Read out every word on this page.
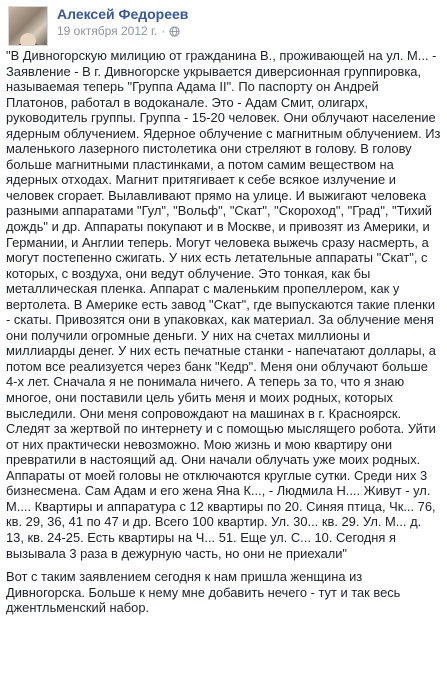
Алексей Федореев
19 октября 2012 г. ·

"В Дивногорскую милицию от гражданина В., проживающей на ул. М... - Заявление - В г. Дивногорске укрывается диверсионная группировка, называемая теперь "Группа Адама II". По паспорту он Андрей Платонов, работал в водоканале. Это - Адам Смит, олигарх, руководитель группы. Группа - 15-20 человек. Они облучают население ядерным облучением. Ядерное облучение с магнитным облучением. Из маленького лазерного пистолетика они стреляют в голову. В голову больше магнитными пластинками, а потом самим веществом на ядерных отходах. Магнит притягивает к себе всякое излучение и человек сгорает. Вылавливают прямо на улице. И выжигают человека разными аппаратами "Гул", "Вольф", "Скат", "Скороход", "Град", "Тихий дождь" и др. Аппараты покупают и в Москве, и привозят из Америки, и Германии, и Англии теперь. Могут человека выжечь сразу насмерть, а могут постепенно сжигать. У них есть летательные аппараты "Скат", с которых, с воздуха, они ведут облучение. Это тонкая, как бы металлическая пленка. Аппарат с маленьким пропеллером, как у вертолета. В Америке есть завод "Скат", где выпускаются такие пленки - скаты. Привозятся они в упаковках, как материал. За облучение меня они получили огромные деньги. У них на счетах миллионы и миллиарды денег. У них есть печатные станки - напечатают доллары, а потом все реализуется через банк "Кедр". Меня они облучают больше 4-х лет. Сначала я не понимала ничего. А теперь за то, что я знаю многое, они поставили цель убить меня и моих родных, которых выследили. Они меня сопровождают на машинах в г. Красноярск. Следят за жертвой по интернету и с помощью мыслящего робота. Уйти от них практически невозможно. Мою жизнь и мою квартиру они превратили в настоящий ад. Они начали облучать уже моих родных. Аппараты от моей головы не отключаются круглые сутки. Среди них 3 бизнесмена. Сам Адам и его жена Яна К..., - Людмила Н.... Живут - ул. М.... Квартиры и аппаратура с 12 квартиры по 20. Синяя птица, Чк... 76, кв. 29, 36, 41 по 47 и др. Всего 100 квартир. Ул. 30... кв. 29. Ул. М... д. 13, кв. 24-25. Есть квартиры на Ч... 51. Еще ул. С... 10. Сегодня я вызывала 3 раза в дежурную часть, но они не приехали"

Вот с таким заявлением сегодня к нам пришла женщина из Дивногорска. Больше к нему мне добавить нечего - тут и так весь джентльменский набор.
